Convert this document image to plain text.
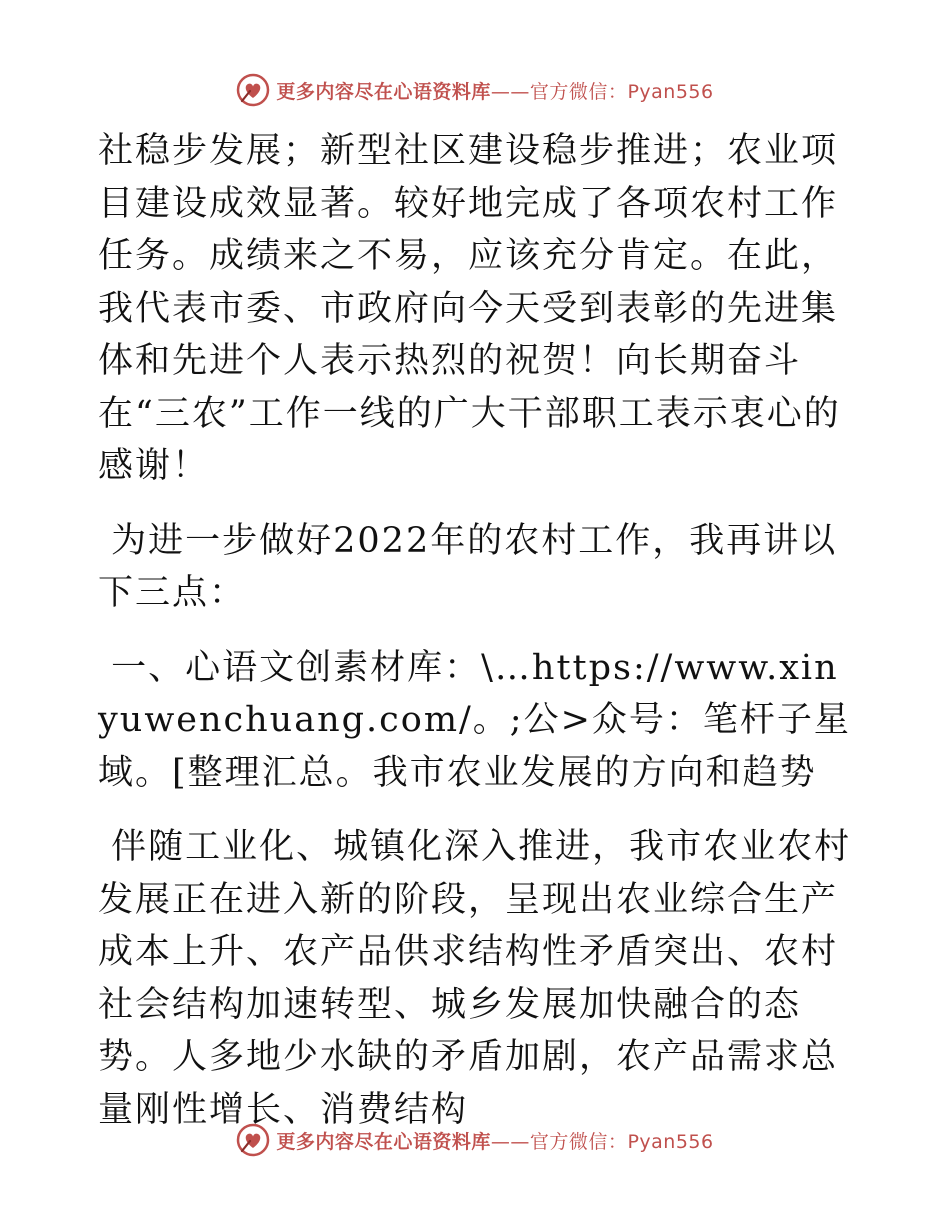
更多内容尽在心语资料库——官方微信：Pyan556

社稳步发展；新型社区建设稳步推进；农业项目建设成效显著。较好地完成了各项农村工作任务。成绩来之不易，应该充分肯定。在此，我代表市委、市政府向今天受到表彰的先进集体和先进个人表示热烈的祝贺！向长期奋斗在“三农”工作一线的广大干部职工表示衷心的感谢！

为进一步做好2022年的农村工作，我再讲以下三点：

一、心语文创素材库：\…https://www.xinyuwenchuang.com/。;公>众号：笔杆子星域。[整理汇总。我市农业发展的方向和趋势

伴随工业化、城镇化深入推进，我市农业农村发展正在进入新的阶段，呈现出农业综合生产成本上升、农产品供求结构性矛盾突出、农村社会结构加速转型、城乡发展加快融合的态势。人多地少水缺的矛盾加剧，农产品需求总量刚性增长、消费结构

更多内容尽在心语资料库——官方微信：Pyan556
